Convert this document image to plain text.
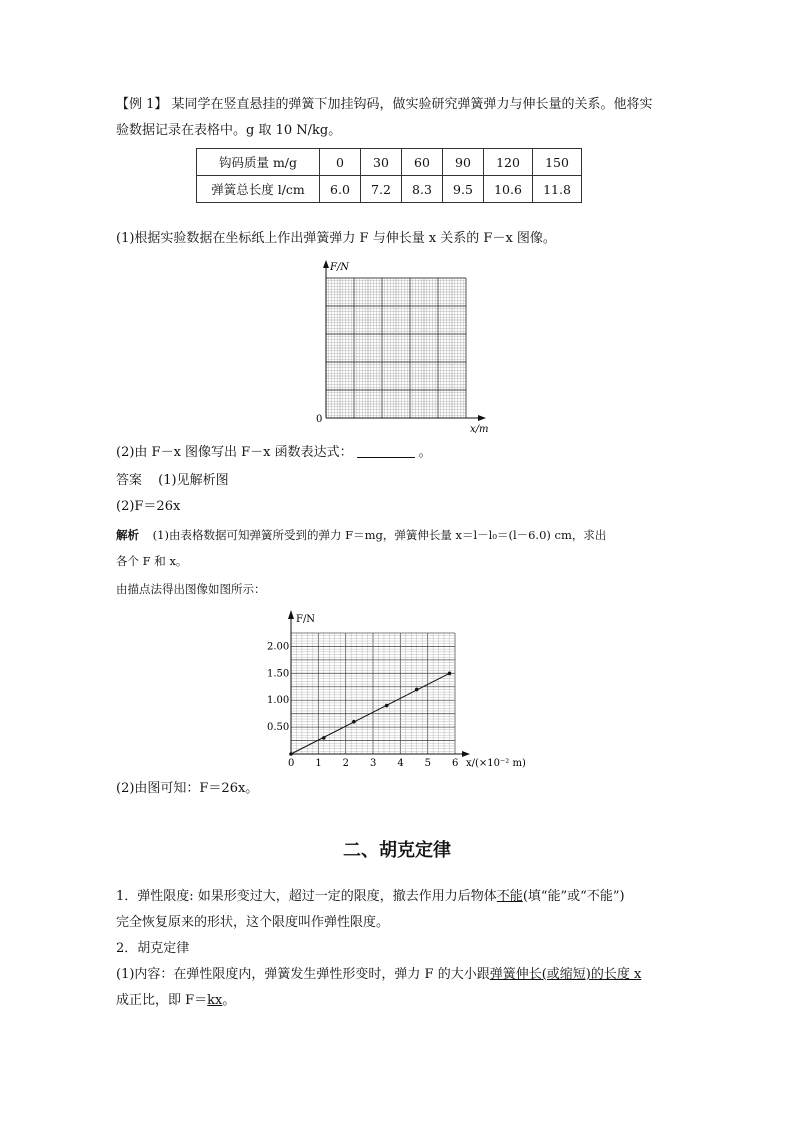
【例 1】 某同学在竖直悬挂的弹簧下加挂钩码，做实验研究弹簧弹力与伸长量的关系。他将实
验数据记录在表格中。g 取 10 N/kg。
钩码质量 m/g	0	30	60	90	120	150
弹簧总长度 l/cm	6.0	7.2	8.3	9.5	10.6	11.8
(1)根据实验数据在坐标纸上作出弹簧弹力 F 与伸长量 x 关系的 F－x 图像。
F/N
x/m
0
(2)由 F－x 图像写出 F－x 函数表达式：	。
答案 (1)见解析图
(2)F＝26x
解析 (1)由表格数据可知弹簧所受到的弹力 F＝mg，弹簧伸长量 x＝l－l₀＝(l－6.0) cm，求出
各个 F 和 x。
由描点法得出图像如图所示：
F/N
x/(×10⁻² m)
0 1 2 3 4 5 6
0.50
1.00
1.50
2.00
(2)由图可知：F＝26x。
二、胡克定律
1．弹性限度: 如果形变过大，超过一定的限度，撤去作用力后物体不能(填“能”或“不能”)
完全恢复原来的形状，这个限度叫作弹性限度。
2．胡克定律
(1)内容：在弹性限度内，弹簧发生弹性形变时，弹力 F 的大小跟弹簧伸长(或缩短)的长度 x
成正比，即 F＝kx。
